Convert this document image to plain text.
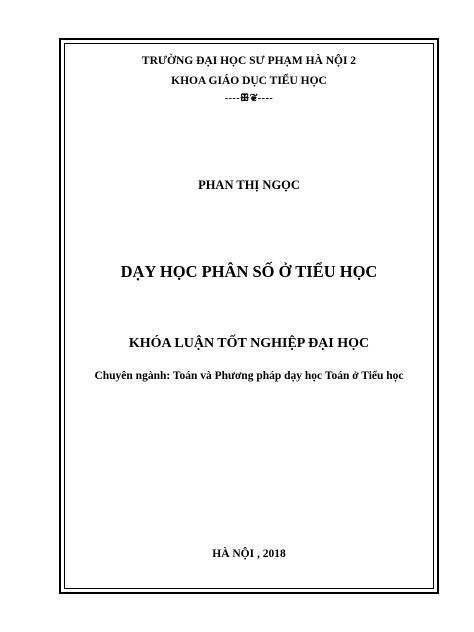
TRƯỜNG ĐẠI HỌC SƯ PHẠM HÀ NỘI 2
KHOA GIÁO DỤC TIỂU HỌC
----ꕥ❦----
PHAN THỊ NGỌC
DẠY HỌC PHÂN SỐ Ở TIỂU HỌC
KHÓA LUẬN TỐT NGHIỆP ĐẠI HỌC
Chuyên ngành: Toán và Phương pháp dạy học Toán ở Tiểu học
HÀ NỘI , 2018
